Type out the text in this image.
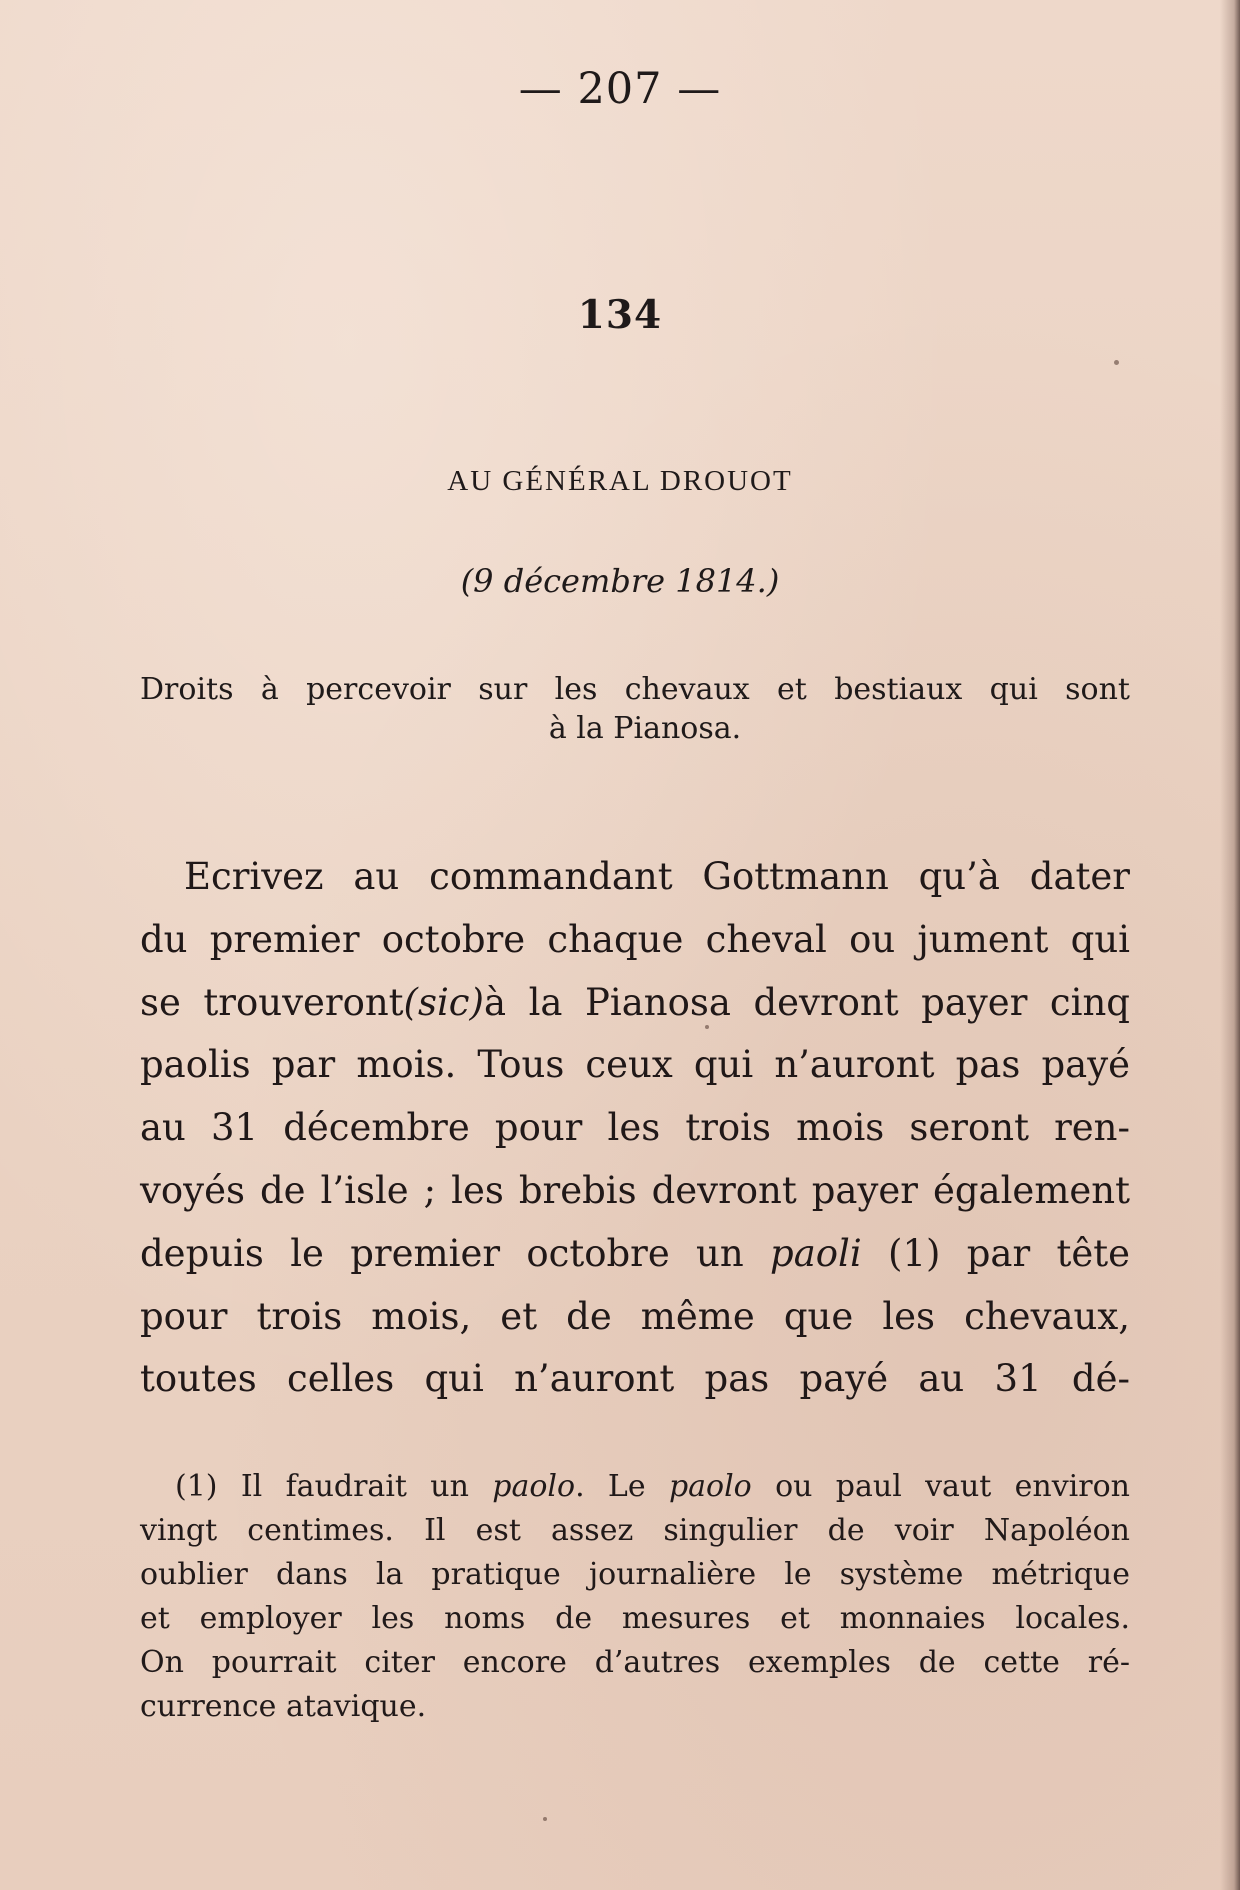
— 207 —
134
AU GÉNÉRAL DROUOT
(9 décembre 1814.)
Droits à percevoir sur les chevaux et bestiaux qui sont
à la Pianosa.
Ecrivez au commandant Gottmann qu’à dater
du premier octobre chaque cheval ou jument qui
se trouveront(sic)à la Pianosa devront payer cinq
paolis par mois. Tous ceux qui n’auront pas payé
au 31 décembre pour les trois mois seront ren-
voyés de l’isle ; les brebis devront payer également
depuis le premier octobre un paoli (1) par tête
pour trois mois, et de même que les chevaux,
toutes celles qui n’auront pas payé au 31 dé-
(1) Il faudrait un paolo. Le paolo ou paul vaut environ
vingt centimes. Il est assez singulier de voir Napoléon
oublier dans la pratique journalière le système métrique
et employer les noms de mesures et monnaies locales.
On pourrait citer encore d’autres exemples de cette ré-
currence atavique.
